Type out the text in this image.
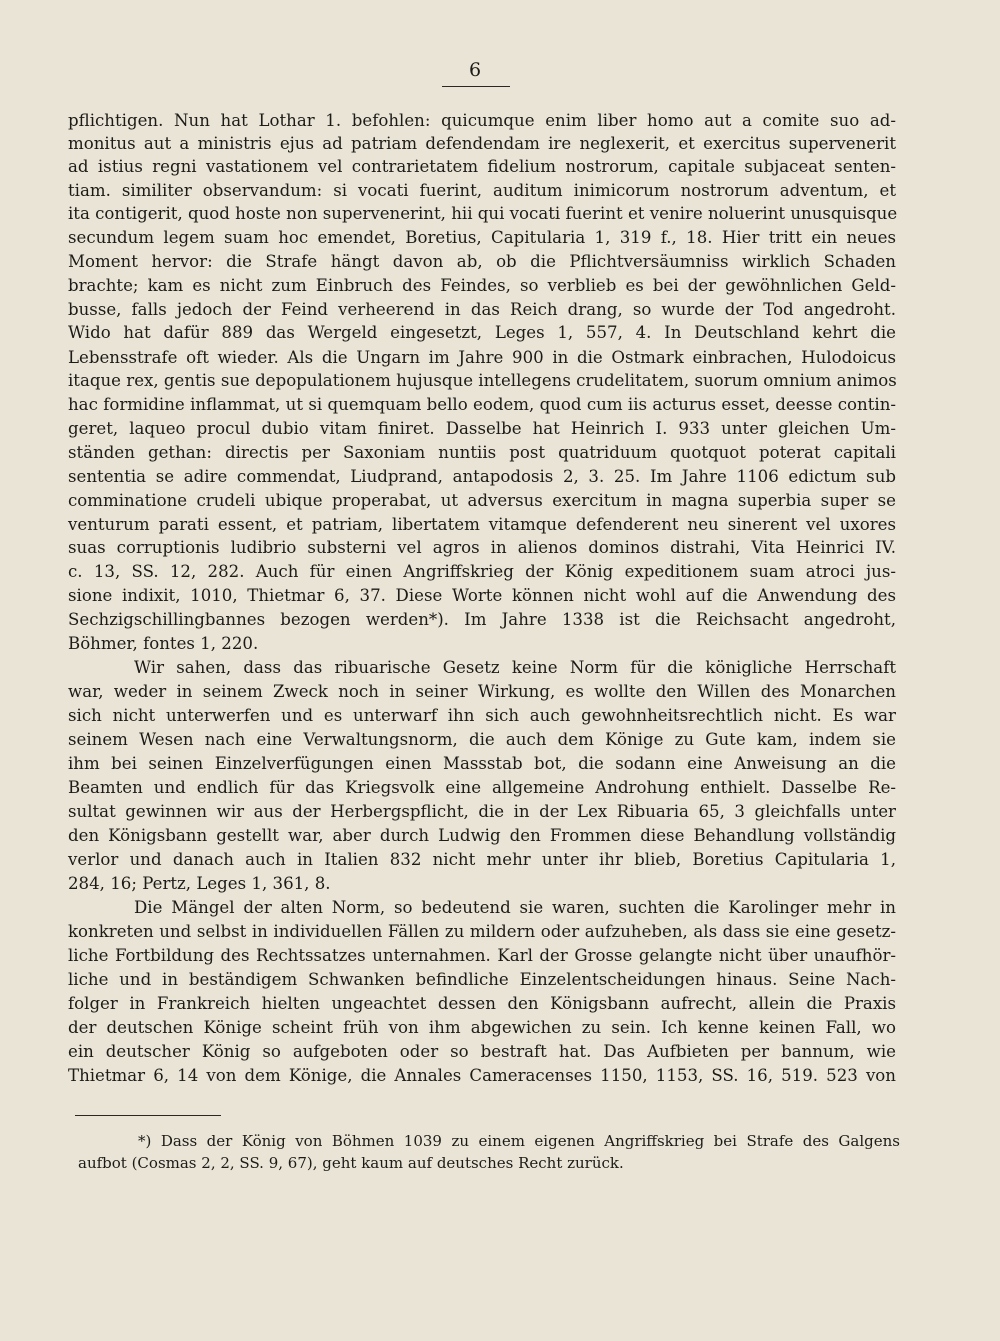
6
pflichtigen. Nun hat Lothar 1. befohlen: quicumque enim liber homo aut a comite suo ad-
monitus aut a ministris ejus ad patriam defendendam ire neglexerit, et exercitus supervenerit
ad istius regni vastationem vel contrarietatem fidelium nostrorum, capitale subjaceat senten-
tiam. similiter observandum: si vocati fuerint, auditum inimicorum nostrorum adventum, et
ita contigerit, quod hoste non supervenerint, hii qui vocati fuerint et venire noluerint unusquisque
secundum legem suam hoc emendet, Boretius, Capitularia 1, 319 f., 18. Hier tritt ein neues
Moment hervor: die Strafe hängt davon ab, ob die Pflichtversäumniss wirklich Schaden
brachte; kam es nicht zum Einbruch des Feindes, so verblieb es bei der gewöhnlichen Geld-
busse, falls jedoch der Feind verheerend in das Reich drang, so wurde der Tod angedroht.
Wido hat dafür 889 das Wergeld eingesetzt, Leges 1, 557, 4. In Deutschland kehrt die
Lebensstrafe oft wieder. Als die Ungarn im Jahre 900 in die Ostmark einbrachen, Hulodoicus
itaque rex, gentis sue depopulationem hujusque intellegens crudelitatem, suorum omnium animos
hac formidine inflammat, ut si quemquam bello eodem, quod cum iis acturus esset, deesse contin-
geret, laqueo procul dubio vitam finiret. Dasselbe hat Heinrich I. 933 unter gleichen Um-
ständen gethan: directis per Saxoniam nuntiis post quatriduum quotquot poterat capitali
sententia se adire commendat, Liudprand, antapodosis 2, 3. 25. Im Jahre 1106 edictum sub
comminatione crudeli ubique properabat, ut adversus exercitum in magna superbia super se
venturum parati essent, et patriam, libertatem vitamque defenderent neu sinerent vel uxores
suas corruptionis ludibrio substerni vel agros in alienos dominos distrahi, Vita Heinrici IV.
c. 13, SS. 12, 282. Auch für einen Angriffskrieg der König expeditionem suam atroci jus-
sione indixit, 1010, Thietmar 6, 37. Diese Worte können nicht wohl auf die Anwendung des
Sechzigschillingbannes bezogen werden*). Im Jahre 1338 ist die Reichsacht angedroht,
Böhmer, fontes 1, 220.
Wir sahen, dass das ribuarische Gesetz keine Norm für die königliche Herrschaft
war, weder in seinem Zweck noch in seiner Wirkung, es wollte den Willen des Monarchen
sich nicht unterwerfen und es unterwarf ihn sich auch gewohnheitsrechtlich nicht. Es war
seinem Wesen nach eine Verwaltungsnorm, die auch dem Könige zu Gute kam, indem sie
ihm bei seinen Einzelverfügungen einen Massstab bot, die sodann eine Anweisung an die
Beamten und endlich für das Kriegsvolk eine allgemeine Androhung enthielt. Dasselbe Re-
sultat gewinnen wir aus der Herbergspflicht, die in der Lex Ribuaria 65, 3 gleichfalls unter
den Königsbann gestellt war, aber durch Ludwig den Frommen diese Behandlung vollständig
verlor und danach auch in Italien 832 nicht mehr unter ihr blieb, Boretius Capitularia 1,
284, 16; Pertz, Leges 1, 361, 8.
Die Mängel der alten Norm, so bedeutend sie waren, suchten die Karolinger mehr in
konkreten und selbst in individuellen Fällen zu mildern oder aufzuheben, als dass sie eine gesetz-
liche Fortbildung des Rechtssatzes unternahmen. Karl der Grosse gelangte nicht über unaufhör-
liche und in beständigem Schwanken befindliche Einzelentscheidungen hinaus. Seine Nach-
folger in Frankreich hielten ungeachtet dessen den Königsbann aufrecht, allein die Praxis
der deutschen Könige scheint früh von ihm abgewichen zu sein. Ich kenne keinen Fall, wo
ein deutscher König so aufgeboten oder so bestraft hat. Das Aufbieten per bannum, wie
Thietmar 6, 14 von dem Könige, die Annales Cameracenses 1150, 1153, SS. 16, 519. 523 von
*) Dass der König von Böhmen 1039 zu einem eigenen Angriffskrieg bei Strafe des Galgens
aufbot (Cosmas 2, 2, SS. 9, 67), geht kaum auf deutsches Recht zurück.
